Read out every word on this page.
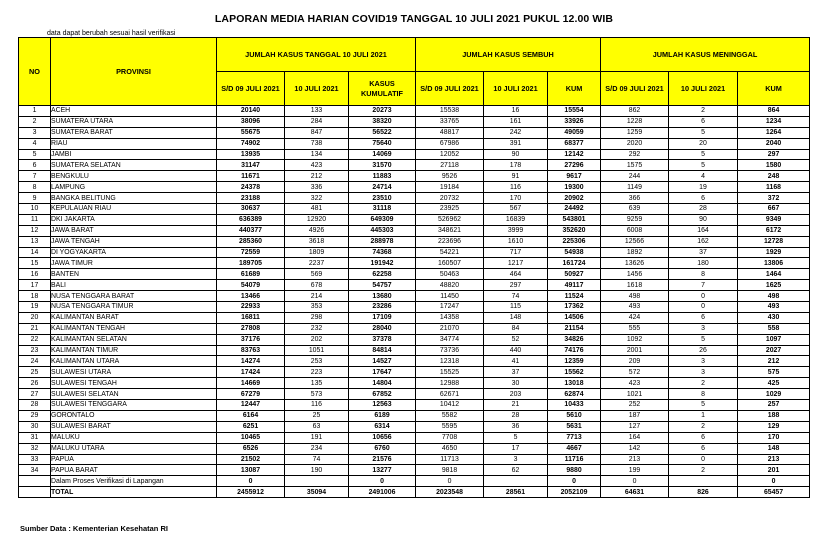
LAPORAN MEDIA HARIAN COVID19 TANGGAL 10 JULI 2021 PUKUL 12.00 WIB
data dapat berubah sesuai hasil verifikasi
NO	PROVINSI	JUMLAH KASUS TANGGAL 10 JULI 2021			JUMLAH KASUS SEMBUH			JUMLAH KASUS MENINGGAL		
		S/D 09 JULI 2021	10 JULI 2021	KASUS KUMULATIF	S/D 09 JULI 2021	10 JULI 2021	KUM	S/D 09 JULI 2021	10 JULI 2021	KUM
1	ACEH	20140	133	20273	15538	16	15554	862	2	864
2	SUMATERA UTARA	38096	284	38320	33765	161	33926	1228	6	1234
3	SUMATERA BARAT	55675	847	56522	48817	242	49059	1259	5	1264
4	RIAU	74902	738	75640	67986	391	68377	2020	20	2040
5	JAMBI	13935	134	14069	12052	90	12142	292	5	297
6	SUMATERA SELATAN	31147	423	31570	27118	178	27296	1575	5	1580
7	BENGKULU	11671	212	11883	9526	91	9617	244	4	248
8	LAMPUNG	24378	336	24714	19184	116	19300	1149	19	1168
9	BANGKA BELITUNG	23188	322	23510	20732	170	20902	366	6	372
10	KEPULAUAN RIAU	30637	481	31118	23925	567	24492	639	28	667
11	DKI JAKARTA	636389	12920	649309	526962	16839	543801	9259	90	9349
12	JAWA BARAT	440377	4926	445303	348621	3999	352620	6008	164	6172
13	JAWA TENGAH	285360	3618	288978	223696	1610	225306	12566	162	12728
14	DI YOGYAKARTA	72559	1809	74368	54221	717	54938	1892	37	1929
15	JAWA TIMUR	189705	2237	191942	160507	1217	161724	13626	180	13806
16	BANTEN	61689	569	62258	50463	464	50927	1456	8	1464
17	BALI	54079	678	54757	48820	297	49117	1618	7	1625
18	NUSA TENGGARA BARAT	13466	214	13680	11450	74	11524	498	0	498
19	NUSA TENGGARA TIMUR	22933	353	23286	17247	115	17362	493	0	493
20	KALIMANTAN BARAT	16811	298	17109	14358	148	14506	424	6	430
21	KALIMANTAN TENGAH	27808	232	28040	21070	84	21154	555	3	558
22	KALIMANTAN SELATAN	37176	202	37378	34774	52	34826	1092	5	1097
23	KALIMANTAN TIMUR	83763	1051	84814	73736	440	74176	2001	26	2027
24	KALIMANTAN UTARA	14274	253	14527	12318	41	12359	209	3	212
25	SULAWESI UTARA	17424	223	17647	15525	37	15562	572	3	575
26	SULAWESI TENGAH	14669	135	14804	12988	30	13018	423	2	425
27	SULAWESI SELATAN	67279	573	67852	62671	203	62874	1021	8	1029
28	SULAWESI TENGGARA	12447	116	12563	10412	21	10433	252	5	257
29	GORONTALO	6164	25	6189	5582	28	5610	187	1	188
30	SULAWESI BARAT	6251	63	6314	5595	36	5631	127	2	129
31	MALUKU	10465	191	10656	7708	5	7713	164	6	170
32	MALUKU UTARA	6526	234	6760	4650	17	4667	142	6	148
33	PAPUA	21502	74	21576	11713	3	11716	213	0	213
34	PAPUA BARAT	13087	190	13277	9818	62	9880	199	2	201
	Dalam Proses Verifikasi di Lapangan	0		0	0		0	0		0
	TOTAL	2455912	35094	2491006	2023548	28561	2052109	64631	826	65457
Sumber Data : Kementerian Kesehatan RI
